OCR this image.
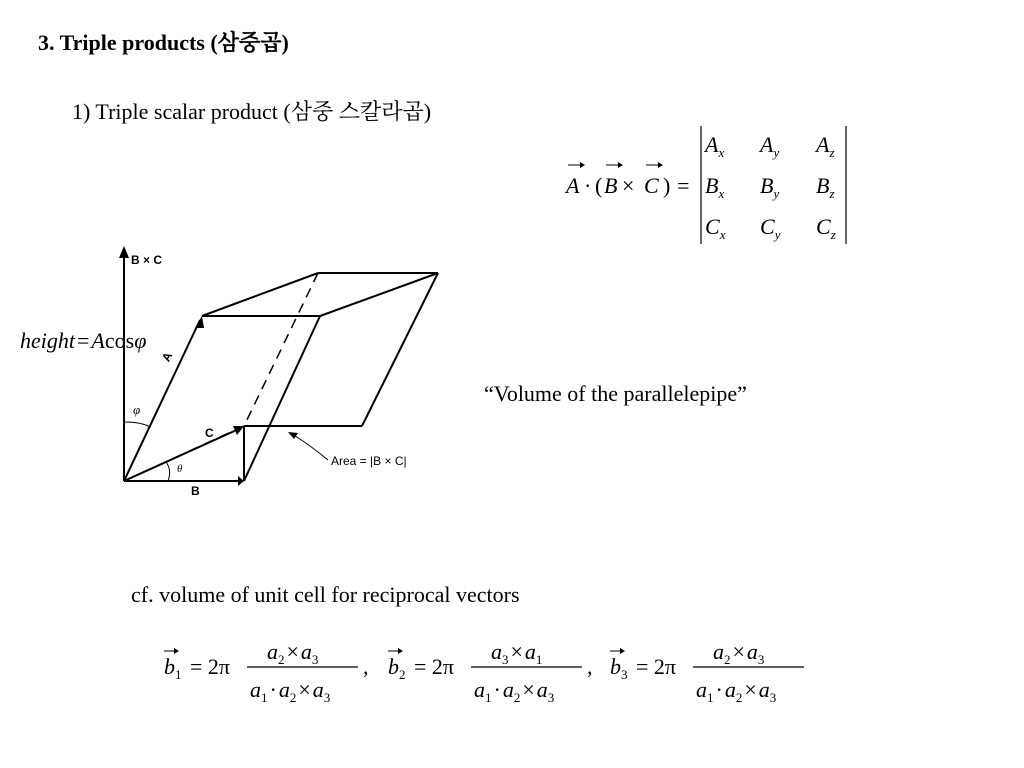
3. Triple products (삼중곱)
1) Triple scalar product (삼중 스칼라곱)
A · ( B × C ) =
$A_x$ $A_y$ $A_z$
$B_x$ $B_y$ $B_z$
$C_x$ $C_y$ $C_z$
B × C
A
C
B
φ
θ
Area = |B × C|
height=Acosφ
“Volume of the parallelepipe”
cf. volume of unit cell for reciprocal vectors
$b_1 = 2\pi$
$a_2\times a_3$
$a_1\cdot a_2\times a_3$
, $b_2 = 2\pi$
$a_3\times a_1$
$a_1\cdot a_2\times a_3$
, $b_3 = 2\pi$
$a_2\times a_3$
$a_1\cdot a_2\times a_3$
